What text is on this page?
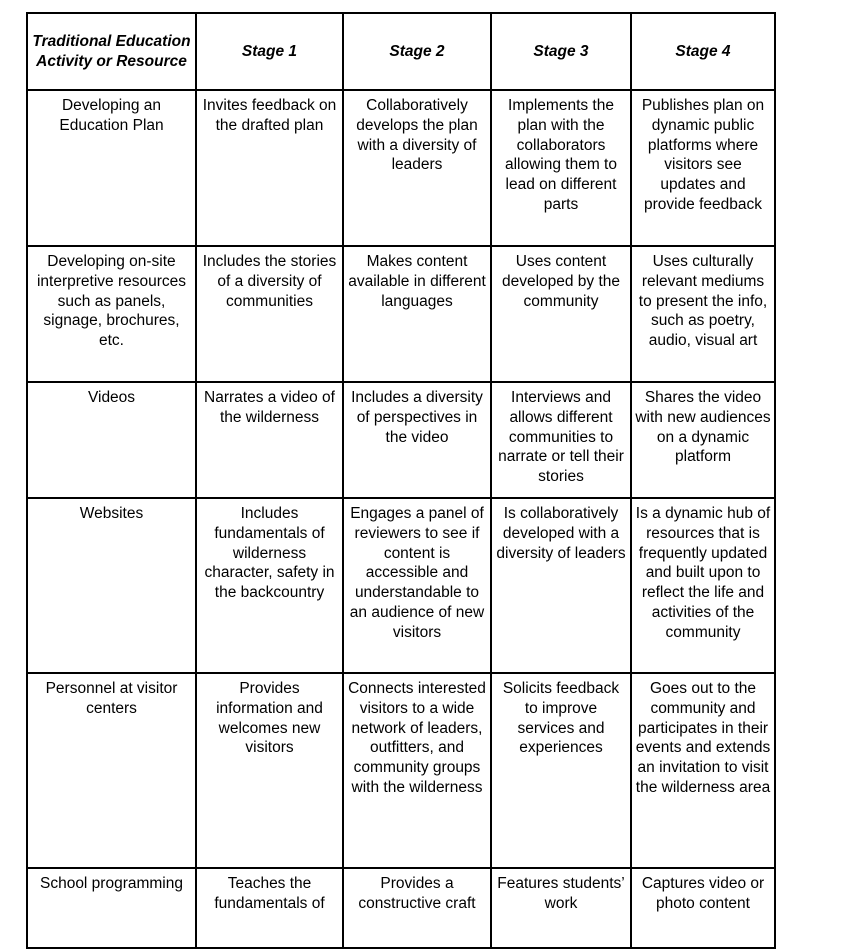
Traditional Education Activity or Resource	Stage 1	Stage 2	Stage 3	Stage 4
Developing an Education Plan	Invites feedback on the drafted plan	Collaboratively develops the plan with a diversity of leaders	Implements the plan with the collaborators allowing them to lead on different parts	Publishes plan on dynamic public platforms where visitors see updates and provide feedback
Developing on-site interpretive resources such as panels, signage, brochures, etc.	Includes the stories of a diversity of communities	Makes content available in different languages	Uses content developed by the community	Uses culturally relevant mediums to present the info, such as poetry, audio, visual art
Videos	Narrates a video of the wilderness	Includes a diversity of perspectives in the video	Interviews and allows different communities to narrate or tell their stories	Shares the video with new audiences on a dynamic platform
Websites	Includes fundamentals of wilderness character, safety in the backcountry	Engages a panel of reviewers to see if content is accessible and understandable to an audience of new visitors	Is collaboratively developed with a diversity of leaders	Is a dynamic hub of resources that is frequently updated and built upon to reflect the life and activities of the community
Personnel at visitor centers	Provides information and welcomes new visitors	Connects interested visitors to a wide network of leaders, outfitters, and community groups with the wilderness	Solicits feedback to improve services and experiences	Goes out to the community and participates in their events and extends an invitation to visit the wilderness area
School programming	Teaches the fundamentals of	Provides a constructive craft	Features students’ work	Captures video or photo content
